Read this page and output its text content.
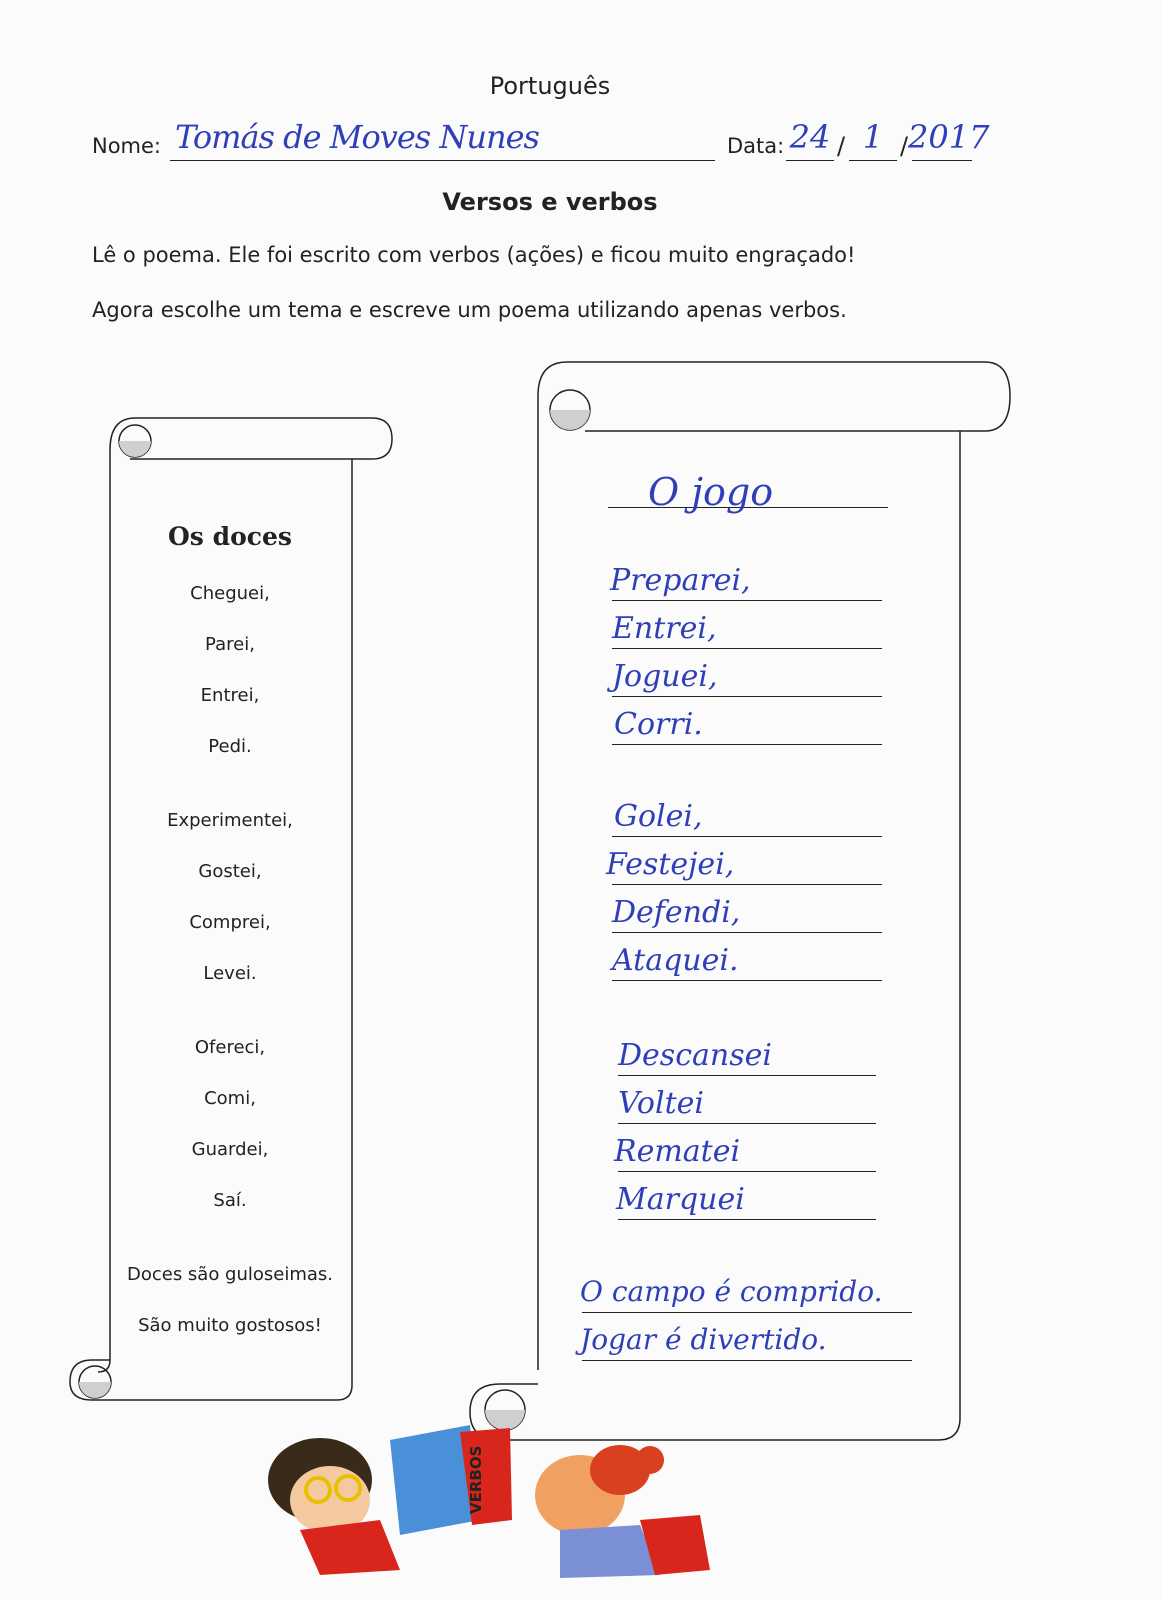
Português
Nome: Tomás de Moves Nunes	Data: 24 / 1 / 2017
Versos e verbos
Lê o poema. Ele foi escrito com verbos (ações) e ficou muito engraçado!
Agora escolhe um tema e escreve um poema utilizando apenas verbos.
Os doces
Cheguei,
Parei,
Entrei,
Pedi.
Experimentei,
Gostei,
Comprei,
Levei.
Ofereci,
Comi,
Guardei,
Saí.
Doces são guloseimas.
São muito gostosos!
O jogo
Preparei,
Entrei,
Joguei,
Corri.
Golei,
Festejei,
Defendi,
Ataquei.
Descansei
Voltei
Rematei
Marquei
O campo é comprido.
Jogar é divertido.
VERBOS
